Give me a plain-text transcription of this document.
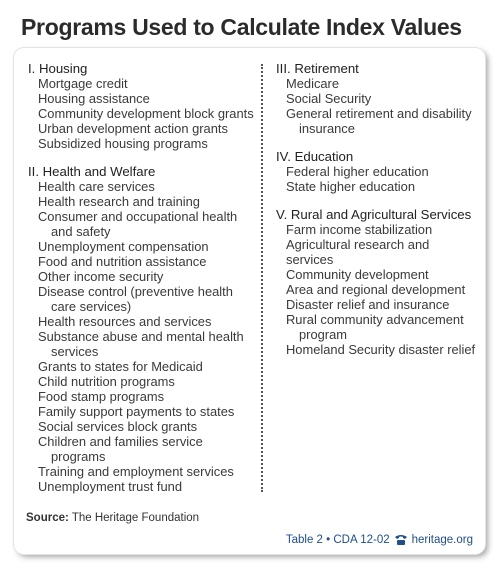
Programs Used to Calculate Index Values
I. Housing
Mortgage credit
Housing assistance
Community development block grants
Urban development action grants
Subsidized housing programs
II. Health and Welfare
Health care services
Health research and training
Consumer and occupational health
and safety
Unemployment compensation
Food and nutrition assistance
Other income security
Disease control (preventive health
care services)
Health resources and services
Substance abuse and mental health
services
Grants to states for Medicaid
Child nutrition programs
Food stamp programs
Family support payments to states
Social services block grants
Children and families service
programs
Training and employment services
Unemployment trust fund
III. Retirement
Medicare
Social Security
General retirement and disability
insurance
IV. Education
Federal higher education
State higher education
V. Rural and Agricultural Services
Farm income stabilization
Agricultural research and services
Community development
Area and regional development
Disaster relief and insurance
Rural community advancement
program
Homeland Security disaster relief
Source: The Heritage Foundation
Table 2 • CDA 12-02 heritage.org
